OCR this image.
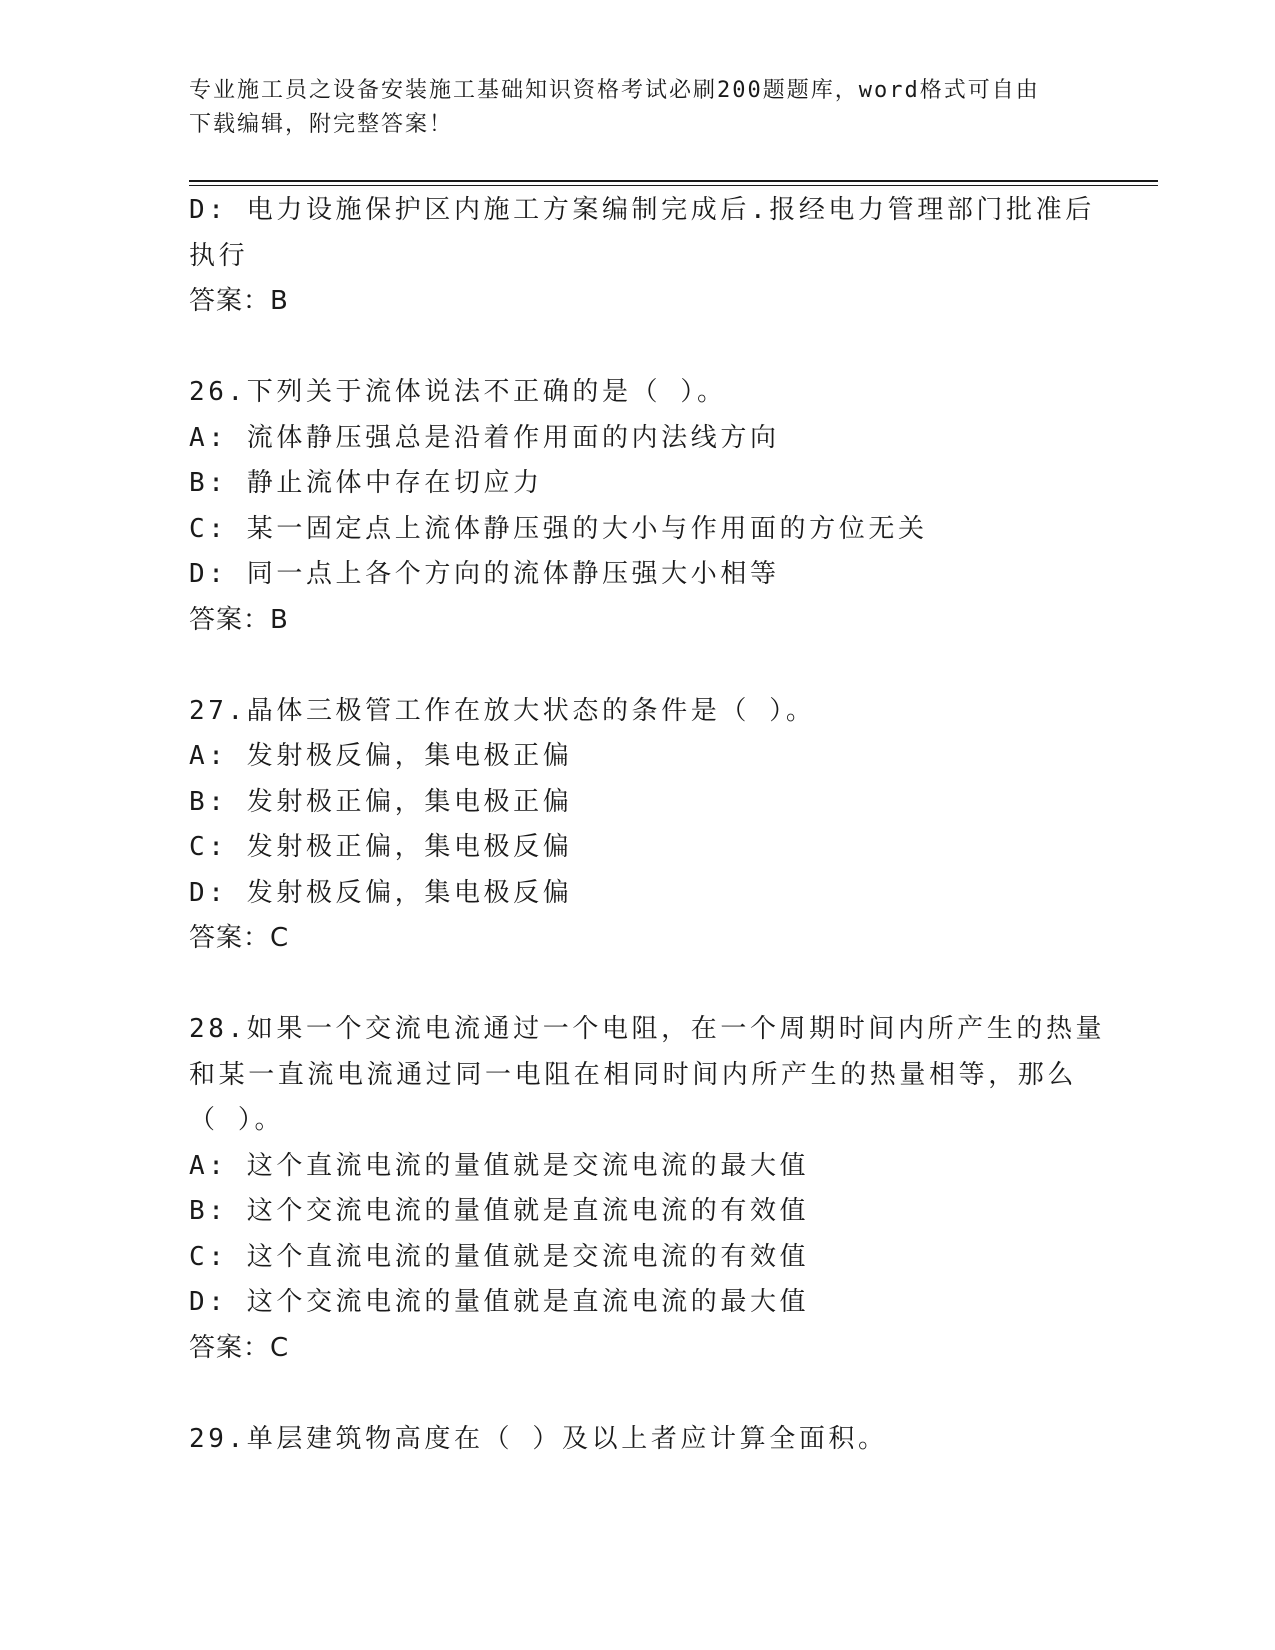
专业施工员之设备安装施工基础知识资格考试必刷200题题库，word格式可自由
下载编辑，附完整答案！
D: 电力设施保护区内施工方案编制完成后.报经电力管理部门批准后
执行
答案：B
26.下列关于流体说法不正确的是（ ）。
A: 流体静压强总是沿着作用面的内法线方向
B: 静止流体中存在切应力
C: 某一固定点上流体静压强的大小与作用面的方位无关
D: 同一点上各个方向的流体静压强大小相等
答案：B
27.晶体三极管工作在放大状态的条件是（ ）。
A: 发射极反偏，集电极正偏
B: 发射极正偏，集电极正偏
C: 发射极正偏，集电极反偏
D: 发射极反偏，集电极反偏
答案：C
28.如果一个交流电流通过一个电阻，在一个周期时间内所产生的热量
和某一直流电流通过同一电阻在相同时间内所产生的热量相等，那么
（ ）。
A: 这个直流电流的量值就是交流电流的最大值
B: 这个交流电流的量值就是直流电流的有效值
C: 这个直流电流的量值就是交流电流的有效值
D: 这个交流电流的量值就是直流电流的最大值
答案：C
29.单层建筑物高度在（ ）及以上者应计算全面积。
